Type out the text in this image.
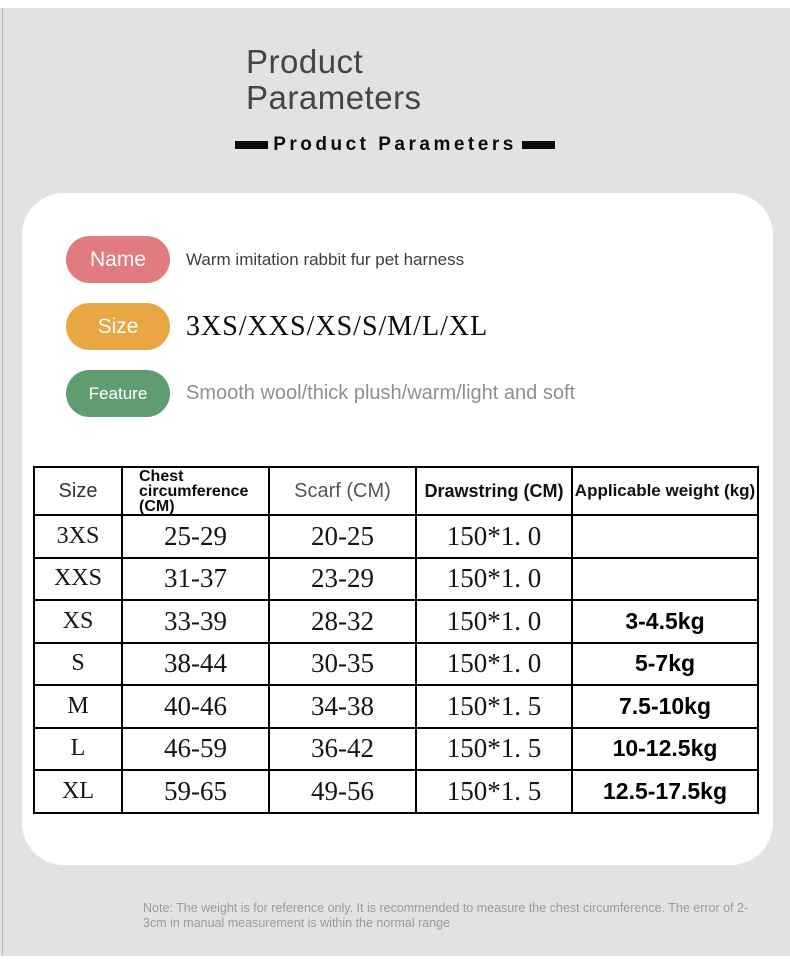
Product Parameters
Product Parameters
Name Warm imitation rabbit fur pet harness
Size 3XS/XXS/XS/S/M/L/XL
Feature Smooth wool/thick plush/warm/light and soft
Size	Chest circumference (CM)	Scarf (CM)	Drawstring (CM)	Applicable weight (kg)
3XS	25-29	20-25	150*1. 0	
XXS	31-37	23-29	150*1. 0	
XS	33-39	28-32	150*1. 0	3-4.5kg
S	38-44	30-35	150*1. 0	5-7kg
M	40-46	34-38	150*1. 5	7.5-10kg
L	46-59	36-42	150*1. 5	10-12.5kg
XL	59-65	49-56	150*1. 5	12.5-17.5kg
Note: The weight is for reference only. It is recommended to measure the chest circumference. The error of 2-3cm in manual measurement is within the normal range
